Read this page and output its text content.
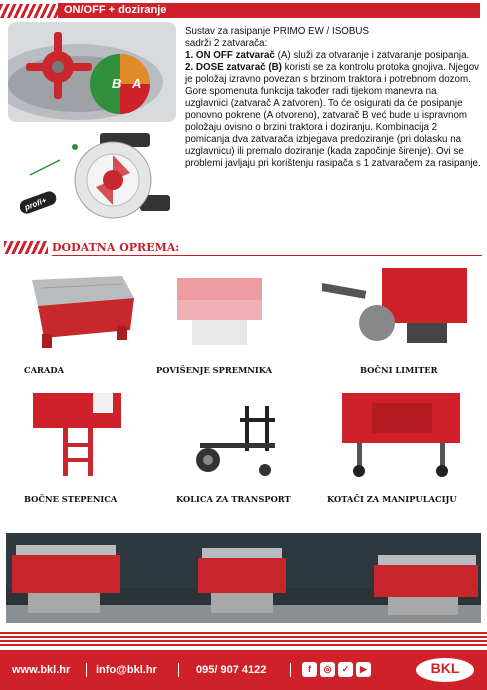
ON/OFF + doziranje
B A
profi+

Sustav za rasipanje PRIMO EW / ISOBUS

sadrži 2 zatvarača:

1. ON OFF zatvarač (A) služi za otvaranje i zatvaranje posipanja.

2. DOSE zatvarač (B) koristi se za kontrolu protoka gnojiva. Njegov je položaj izravno povezan s brzinom traktora i potrebnom dozom. Gore spomenuta funkcija također radi tijekom manevra na uzglavnici (zatvarač A zatvoren). To će osigurati da će posipanje ponovno pokrene (A otvoreno), zatvarač B već bude u ispravnom položaju ovisno o brzini traktora i doziranju. Kombinacija 2 pomicanja dva zatvarača izbjegava predoziranje (pri dolasku na uzglavnicu) ili premalo doziranje (kada započinje širenje). Ovi se problemi javljaju pri korištenju rasipača s 1 zatvaračem za rasipanje.

DODATNA OPREMA:
CARADA	POVIŠENJE SPREMNIKA	BOČNI LIMITER
BOČNE STEPENICA	KOLICA ZA TRANSPORT	KOTAČI ZA MANIPULACIJU
www.bkl.hr info@bkl.hr	095/ 907 4122	f	◎	✓	▶	BKL
